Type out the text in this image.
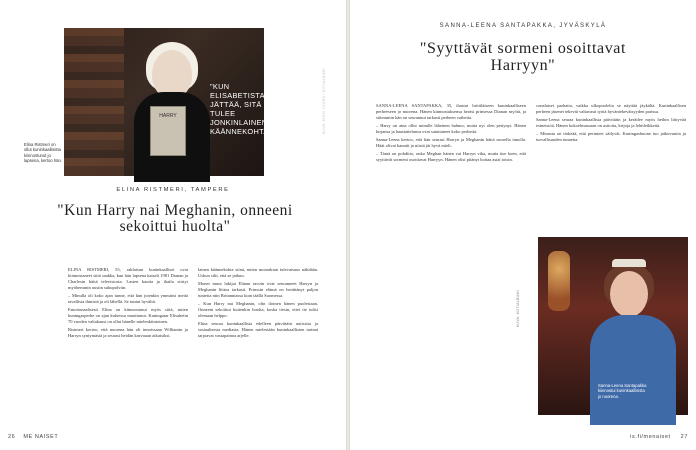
HARRY	KUVA: KIRSI TUURA / KOTIALBUMI
"KUN ELISABETISTA AIKA JÄTTÄÄ, SITÄ TULEE JONKINLAINEN KÄÄNNEKOHTA."
Elina Ristmeri on ollut kuninkaallisista kiinnostunut jo lapsena, kertoo hän.
ELINA RISTMERI, TAMPERE
"Kun Harry nai Meghanin, onneeni sekoittui huolta"

ELINA RISTMERI, 55, raklaisun kuninkaalliset ovat kiinnostaneet siitä saakka, kun hän lapsena katseli 1981 Dianan ja Charlesin häitä televisiosta. Lasten kautta ja ihailu siirtyi myöhemmin uusiin sukupolviin.

– Minulla oli koko ajan tunne, että hän jotenkin ymmärsi meitä tavallisia ihmisiä ja oli lähellä. Se tuntui hyvältä.

Emotionaalisesti Elina on kiinnostunut myös siitä, miten kuningasperhe on ajan kuluessa muuttunut. Kuningatar Elisabetin 70 vuoden valtakausi on ollut hänelle mielenkiintoinen.

Ristmeri kertoo, että nuorena hän oli innoissaan Williamin ja Harryn syntymästä ja seurasi heidän kasvuaan aikuisiksi.

lainen käännekohta siinä, miten monarkian tulevaisuus nähdään. Uskon silti, että se jatkuu.

Monet muut lukijat Elinan tavoin ovat seuranneet Harryn ja Meghanin liittoa tarkasti. Prinssin elämä on herättänyt paljon tunteita niin Britanniassa kuin täällä Suomessa.

– Kun Harry nai Meghanin, olin iloinen hänen puolestaan. Onneeni sekoittui kuitenkin huolta, koska tiesin, ettei tie tulisi olemaan helppo.

Elina seuraa kuninkaallisia edelleen päivittäin uutisista ja sosiaalisesta mediasta. Hänen mielestään kuninkaallisten tarinat tarjoavat vastapainoa arjelle.

26 ME NAISET
SANNA-LEENA SANTAPAKKA, JYVÄSKYLÄ
"Syyttävät sormeni osoittavat Harryyn"

SANNA-LEENA SANTAPAKKA, 35, ihastui brittiläiseen kuninkaalliseen perheeseen jo nuorena. Hänen kiinnostuksensa heräsi prinsessa Dianan myötä, ja sittemmin hän on seurannut tarkasti perheen vaiheita.

– Harry on aina ollut minulle läheinen hahmo, mutta nyt olen pettynyt. Hänen kirjansa ja haastattelunsa ovat satuttaneet koko perhettä.

Sanna-Leena kertoo, että hän seurasi Harryn ja Meghanin häitä suurella innolla. Häät olivat kauniit ja niistä jäi hyvä mieli.

– Tämä on pohditto, onko Meghan hänen vai Harryn vika, mutta itse koen, että syyttävät sormeni osoittavat Harryyn. Hänen olisi pitänyt hoitaa asiat toisin.

conalaiset parhaita, vaikka ulkopuolelta se näyttää jäykältä. Kuninkaallisen perheen jäsenet tekevät valtavasti työtä hyväntekeväisyyden parissa.

Sanna-Leena seuraa kuninkaallisia päivittäin ja keräilee myös heihin liittyvää esineistöä. Hänen kokoelmassaan on astioita, kirjoja ja lehtileikkeitä.

– Minusta on tärkeää, että perinteet säilyvät. Kuningashuone tuo jatkuvuutta ja turvallisuuden tunnetta.

KUVA: KOTIALBUMI
Sanna-Leena Santapakka kiinnostui kuninkaallisista jo nuorena.
is.fi/menaiset 27
